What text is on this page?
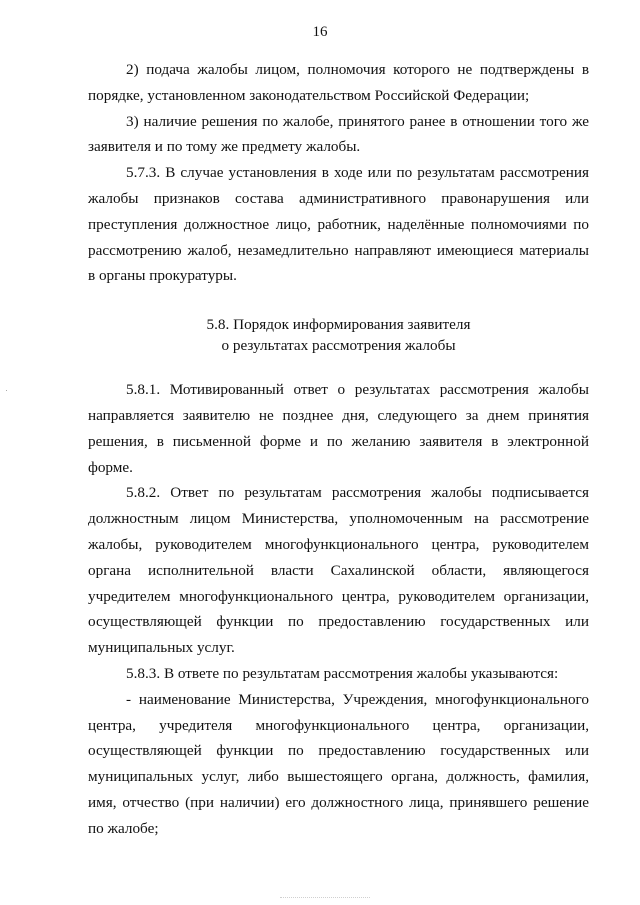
16

2) подача жалобы лицом, полномочия которого не подтверждены в порядке, установленном законодательством Российской Федерации;

3) наличие решения по жалобе, принятого ранее в отношении того же заявителя и по тому же предмету жалобы.

5.7.3. В случае установления в ходе или по результатам рассмотрения жалобы признаков состава административного правонарушения или преступления должностное лицо, работник, наделённые полномочиями по рассмотрению жалоб, незамедлительно направляют имеющиеся материалы в органы прокуратуры.

5.8. Порядок информирования заявителя
о результатах рассмотрения жалобы

5.8.1. Мотивированный ответ о результатах рассмотрения жалобы направляется заявителю не позднее дня, следующего за днем принятия решения, в письменной форме и по желанию заявителя в электронной форме.

5.8.2. Ответ по результатам рассмотрения жалобы подписывается должностным лицом Министерства, уполномоченным на рассмотрение жалобы, руководителем многофункционального центра, руководителем органа исполнительной власти Сахалинской области, являющегося учредителем многофункционального центра, руководителем организации, осуществляющей функции по предоставлению государственных или муниципальных услуг.

5.8.3. В ответе по результатам рассмотрения жалобы указываются:

- наименование Министерства, Учреждения, многофункционального центра, учредителя многофункционального центра, организации, осуществляющей функции по предоставлению государственных или муниципальных услуг, либо вышестоящего органа, должность, фамилия, имя, отчество (при наличии) его должностного лица, принявшего решение по жалобе;
